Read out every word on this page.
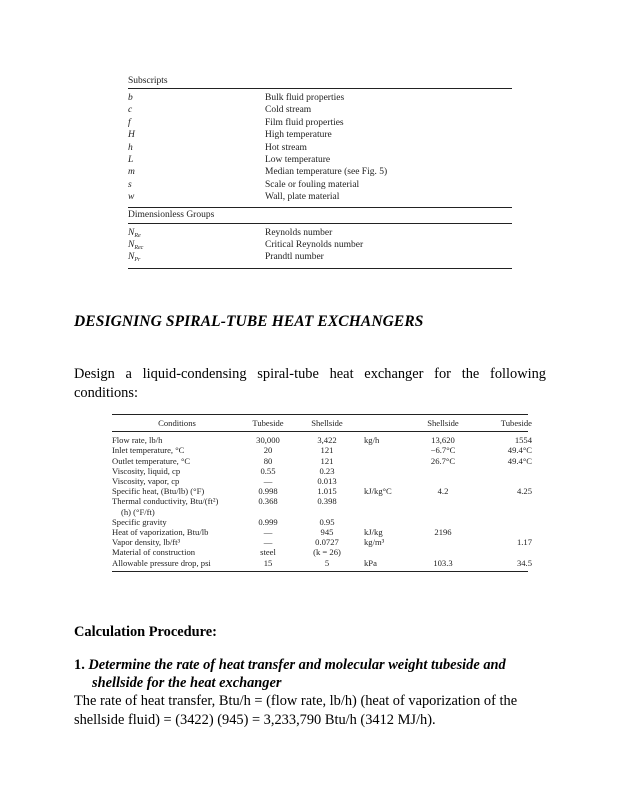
Subscripts
b	Bulk fluid properties
c	Cold stream
f	Film fluid properties
H	High temperature
h	Hot stream
L	Low temperature
m	Median temperature (see Fig. 5)
s	Scale or fouling material
w	Wall, plate material
Dimensionless Groups
$N_{Re}$	Reynolds number
$N_{Rec}$	Critical Reynolds number
$N_{Pr}$	Prandtl number
DESIGNING SPIRAL-TUBE HEAT EXCHANGERS
Design a liquid-condensing spiral-tube heat exchanger for the following conditions:
Conditions	Tubeside	Shellside		Shellside	Tubeside
Flow rate, lb/h	30,000	3,422	kg/h	13,620	1554
Inlet temperature, °C	20	121		−6.7°C	49.4°C
Outlet temperature, °C	80	121		26.7°C	49.4°C
Viscosity, liquid, cp	0.55	0.23			
Viscosity, vapor, cp	—	0.013			
Specific heat, (Btu/lb) (°F)	0.998	1.015	kJ/kg°C	4.2	4.25
Thermal conductivity, Btu/(ft²)	0.368	0.398			
(h) (°F/ft)					
Specific gravity	0.999	0.95			
Heat of vaporization, Btu/lb	—	945	kJ/kg	2196	
Vapor density, lb/ft³	—	0.0727	kg/m³		1.17
Material of construction	steel	(k = 26)			
Allowable pressure drop, psi	15	5	kPa	103.3	34.5
Calculation Procedure:
1. Determine the rate of heat transfer and molecular weight tubeside and
shellside for the heat exchanger
The rate of heat transfer, Btu/h = (flow rate, lb/h) (heat of vaporization of the shellside fluid) = (3422) (945) = 3,233,790 Btu/h (3412 MJ/h).
